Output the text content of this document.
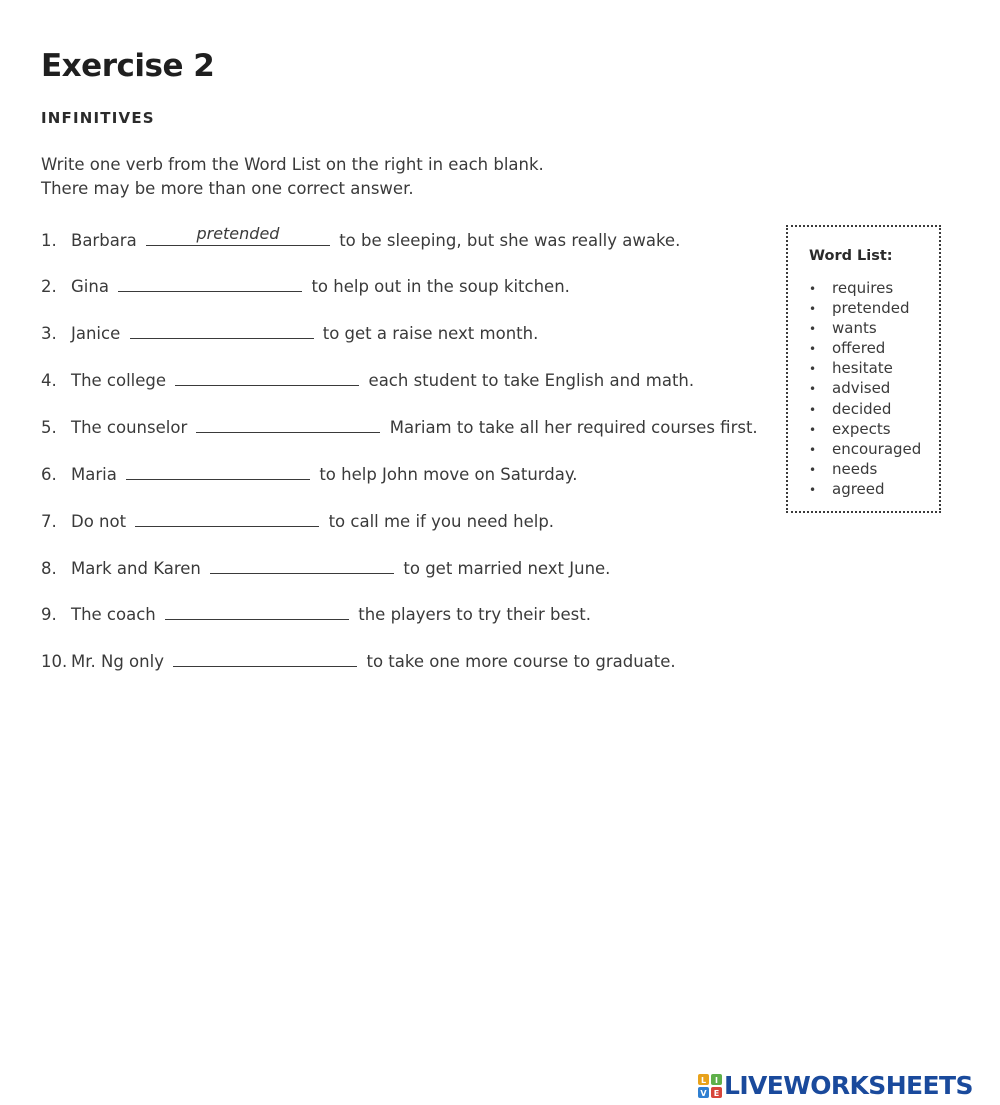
Exercise 2
INFINITIVES
Write one verb from the Word List on the right in each blank.
There may be more than one correct answer.
1. Barbara	pretended	to be sleeping, but she was really awake.
2. Gina	to help out in the soup kitchen.
3. Janice	to get a raise next month.
4. The college	each student to take English and math.
5. The counselor	Mariam to take all her required courses first.
6. Maria	to help John move on Saturday.
7. Do not	to call me if you need help.
8. Mark and Karen	to get married next June.
9. The coach	the players to try their best.
10. Mr. Ng only	to take one more course to graduate.
Word List:
• requires
• pretended
• wants
• offered
• hesitate
• advised
• decided
• expects
• encouraged
• needs
• agreed
L I
V E LIVEWORKSHEETS
